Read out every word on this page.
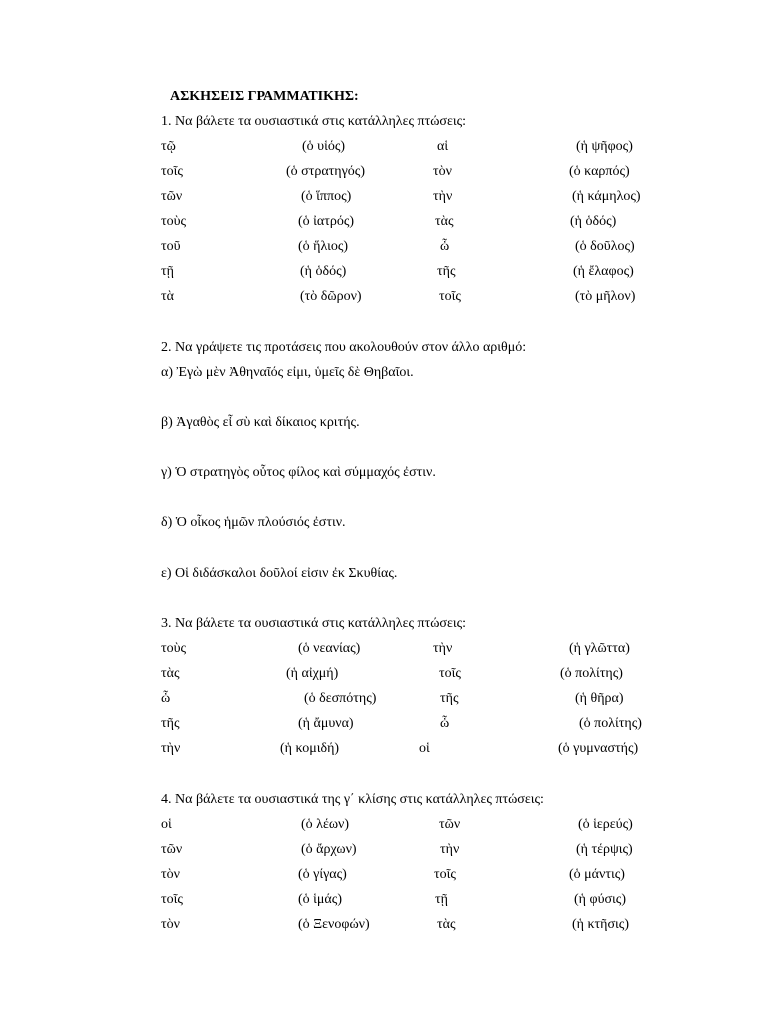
ΑΣΚΗΣΕΙΣ ΓΡΑΜΜΑΤΙΚΗΣ:
1. Να βάλετε τα ουσιαστικά στις κατάλληλες πτώσεις:
τῷ	(ὁ υἱός)	αἱ	(ἡ ψῆφος)
τοῖς	(ὁ στρατηγός)	τὸν	(ὁ καρπός)
τῶν	(ὁ ἵππος)	τὴν	(ἡ κάμηλος)
τοὺς	(ὁ ἰατρός)	τὰς	(ἡ ὁδός)
τοῦ	(ὁ ἥλιος)	ὦ	(ὁ δοῦλος)
τῇ	(ἡ ὁδός)	τῆς	(ἡ ἔλαφος)
τὰ	(τὸ δῶρον)	τοῖς	(τὸ μῆλον)
2. Να γράψετε τις προτάσεις που ακολουθούν στον άλλο αριθμό:
α) Ἐγὼ μὲν Ἀθηναῖός εἰμι, ὑμεῖς δὲ Θηβαῖοι.
β) Ἀγαθὸς εἶ σὺ καὶ δίκαιος κριτής.
γ) Ὁ στρατηγὸς οὗτος φίλος καὶ σύμμαχός ἐστιν.
δ) Ὁ οἶκος ἡμῶν πλούσιός ἐστιν.
ε) Οἱ διδάσκαλοι δοῦλοί εἰσιν ἐκ Σκυθίας.
3. Να βάλετε τα ουσιαστικά στις κατάλληλες πτώσεις:
τοὺς	(ὁ νεανίας)	τὴν	(ἡ γλῶττα)
τὰς	(ἡ αἰχμή)	τοῖς	(ὁ πολίτης)
ὦ	(ὁ δεσπότης)	τῆς	(ἡ θῆρα)
τῆς	(ἡ ἄμυνα)	ὦ	(ὁ πολίτης)
τὴν	(ἡ κομιδή)	οἱ	(ὁ γυμναστής)
4. Να βάλετε τα ουσιαστικά της γ΄ κλίσης στις κατάλληλες πτώσεις:
οἱ	(ὁ λέων)	τῶν	(ὁ ἱερεύς)
τῶν	(ὁ ἄρχων)	τὴν	(ἡ τέρψις)
τὸν	(ὁ γίγας)	τοῖς	(ὁ μάντις)
τοῖς	(ὁ ἱμάς)	τῇ	(ἡ φύσις)
τὸν	(ὁ Ξενοφών)	τὰς	(ἡ κτῆσις)
